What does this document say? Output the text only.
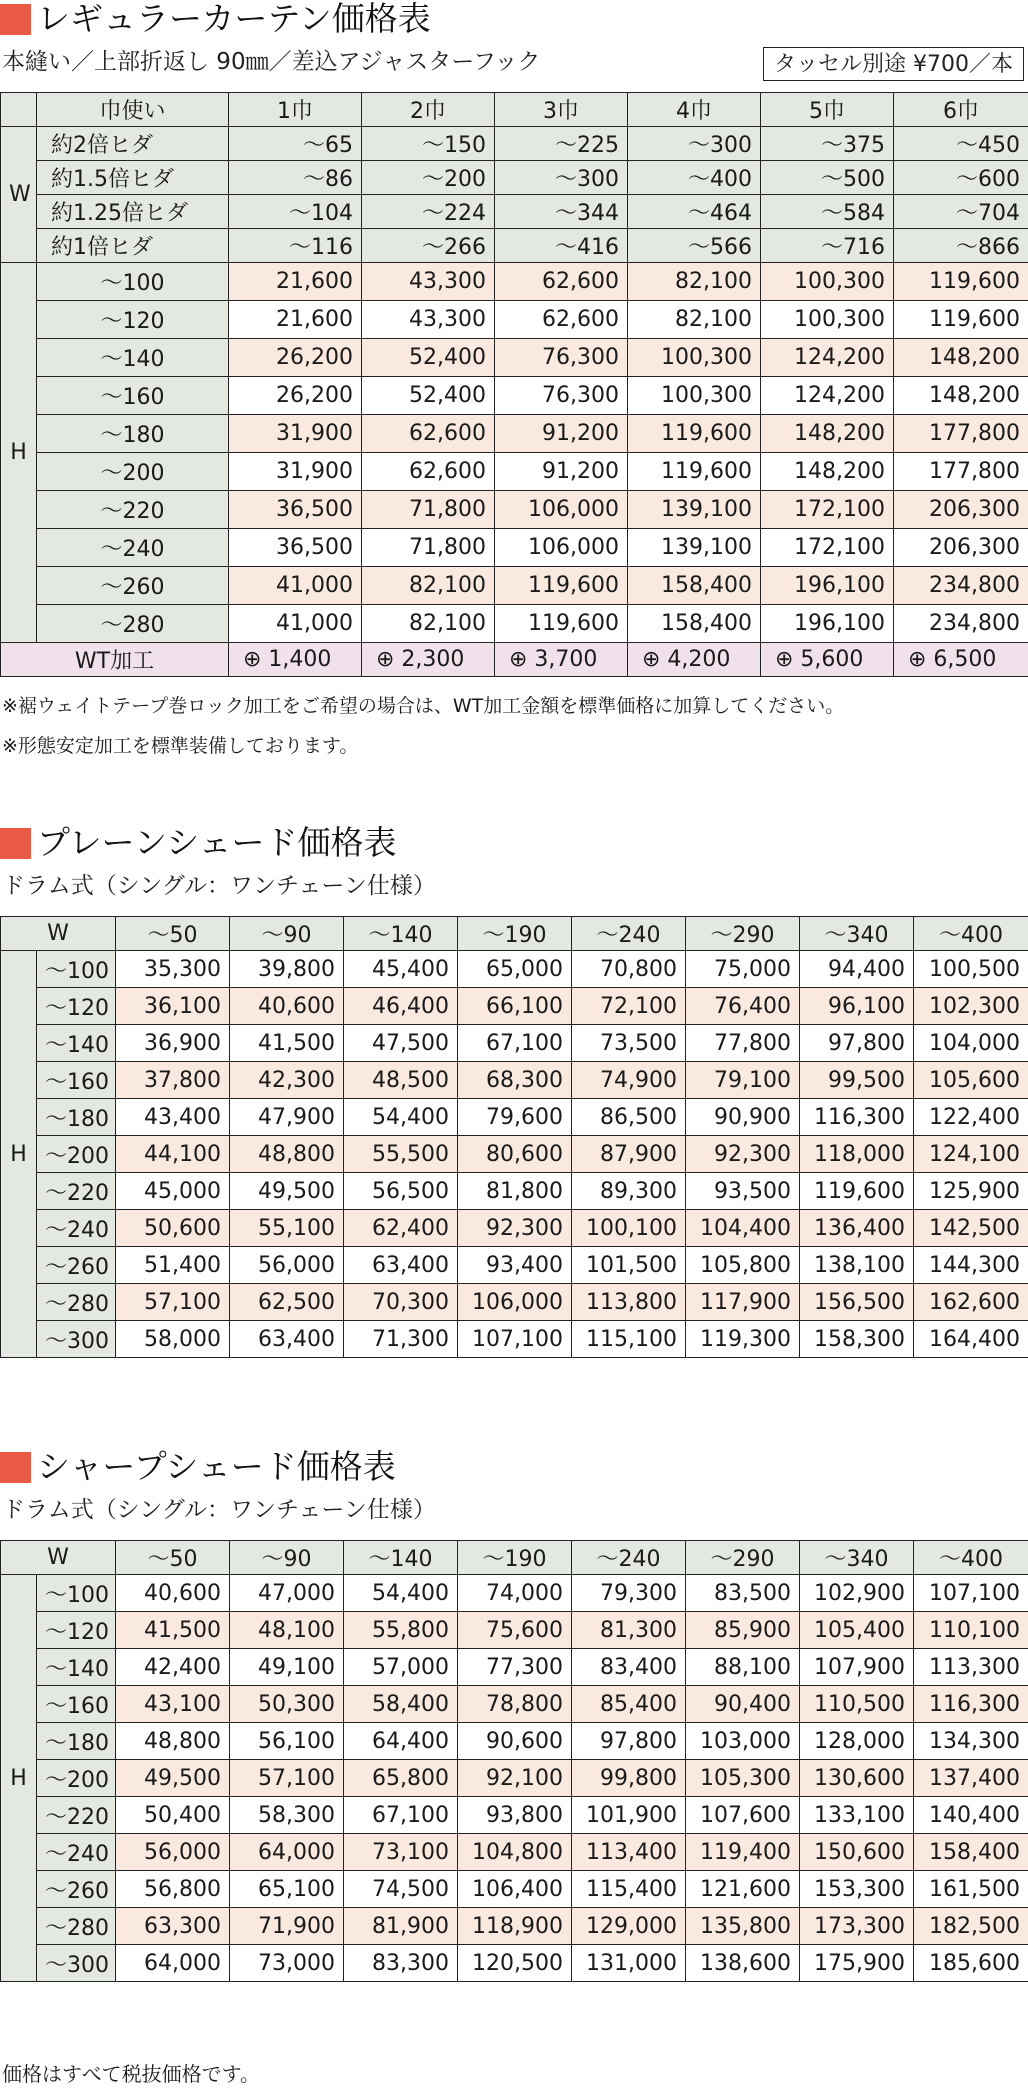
レギュラーカーテン価格表
本縫い／上部折返し 90㎜／差込アジャスターフック	タッセル別途 ¥700／本
	巾使い	1巾	2巾	3巾	4巾	5巾	6巾
W	約2倍ヒダ	～65	～150	～225	～300	～375	～450
	約1.5倍ヒダ	～86	～200	～300	～400	～500	～600
	約1.25倍ヒダ	～104	～224	～344	～464	～584	～704
	約1倍ヒダ	～116	～266	～416	～566	～716	～866
H	～100	21,600	43,300	62,600	82,100	100,300	119,600
	～120	21,600	43,300	62,600	82,100	100,300	119,600
	～140	26,200	52,400	76,300	100,300	124,200	148,200
	～160	26,200	52,400	76,300	100,300	124,200	148,200
	～180	31,900	62,600	91,200	119,600	148,200	177,800
	～200	31,900	62,600	91,200	119,600	148,200	177,800
	～220	36,500	71,800	106,000	139,100	172,100	206,300
	～240	36,500	71,800	106,000	139,100	172,100	206,300
	～260	41,000	82,100	119,600	158,400	196,100	234,800
	～280	41,000	82,100	119,600	158,400	196,100	234,800
WT加工		⊕ 1,400	⊕ 2,300	⊕ 3,700	⊕ 4,200	⊕ 5,600	⊕ 6,500
※裾ウェイトテープ巻ロック加工をご希望の場合は、WT加工金額を標準価格に加算してください。
※形態安定加工を標準装備しております。
プレーンシェード価格表
ドラム式（シングル：ワンチェーン仕様）
W		～50	～90	～140	～190	～240	～290	～340	～400
H	～100	35,300	39,800	45,400	65,000	70,800	75,000	94,400	100,500
	～120	36,100	40,600	46,400	66,100	72,100	76,400	96,100	102,300
	～140	36,900	41,500	47,500	67,100	73,500	77,800	97,800	104,000
	～160	37,800	42,300	48,500	68,300	74,900	79,100	99,500	105,600
	～180	43,400	47,900	54,400	79,600	86,500	90,900	116,300	122,400
	～200	44,100	48,800	55,500	80,600	87,900	92,300	118,000	124,100
	～220	45,000	49,500	56,500	81,800	89,300	93,500	119,600	125,900
	～240	50,600	55,100	62,400	92,300	100,100	104,400	136,400	142,500
	～260	51,400	56,000	63,400	93,400	101,500	105,800	138,100	144,300
	～280	57,100	62,500	70,300	106,000	113,800	117,900	156,500	162,600
	～300	58,000	63,400	71,300	107,100	115,100	119,300	158,300	164,400
シャープシェード価格表
ドラム式（シングル：ワンチェーン仕様）
W		～50	～90	～140	～190	～240	～290	～340	～400
H	～100	40,600	47,000	54,400	74,000	79,300	83,500	102,900	107,100
	～120	41,500	48,100	55,800	75,600	81,300	85,900	105,400	110,100
	～140	42,400	49,100	57,000	77,300	83,400	88,100	107,900	113,300
	～160	43,100	50,300	58,400	78,800	85,400	90,400	110,500	116,300
	～180	48,800	56,100	64,400	90,600	97,800	103,000	128,000	134,300
	～200	49,500	57,100	65,800	92,100	99,800	105,300	130,600	137,400
	～220	50,400	58,300	67,100	93,800	101,900	107,600	133,100	140,400
	～240	56,000	64,000	73,100	104,800	113,400	119,400	150,600	158,400
	～260	56,800	65,100	74,500	106,400	115,400	121,600	153,300	161,500
	～280	63,300	71,900	81,900	118,900	129,000	135,800	173,300	182,500
	～300	64,000	73,000	83,300	120,500	131,000	138,600	175,900	185,600
価格はすべて税抜価格です。
